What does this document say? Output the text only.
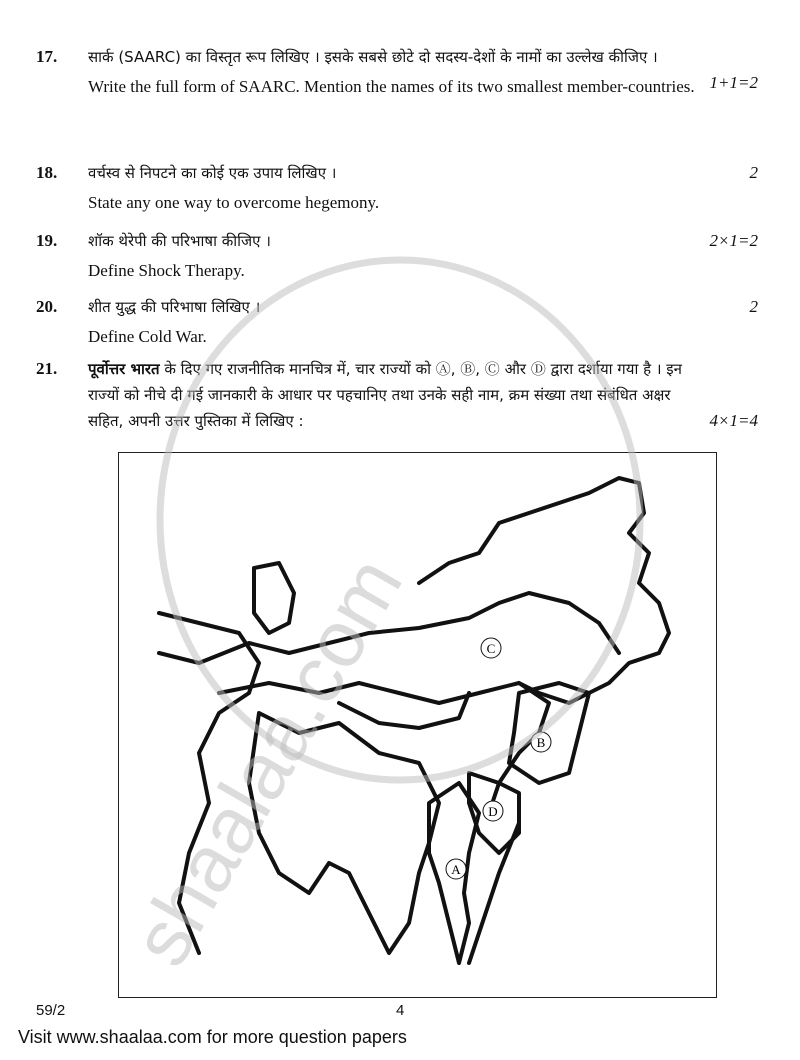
17. सार्क (SAARC) का विस्तृत रूप लिखिए । इसके सबसे छोटे दो सदस्य-देशों के नामों का उल्लेख कीजिए ।
1+1=2
Write the full form of SAARC. Mention the names of its two smallest member-countries.
18. वर्चस्व से निपटने का कोई एक उपाय लिखिए ।	2
State any one way to overcome hegemony.
19. शॉक थेरेपी की परिभाषा कीजिए ।	2×1=2
Define Shock Therapy.
20. शीत युद्ध की परिभाषा लिखिए ।	2
Define Cold War.
21. पूर्वोत्तर भारत के दिए गए राजनीतिक मानचित्र में, चार राज्यों को Ⓐ, Ⓑ, Ⓒ और Ⓓ द्वारा दर्शाया गया है । इन राज्यों को नीचे दी गई जानकारी के आधार पर पहचानिए तथा उनके सही नाम, क्रम संख्या तथा संबंधित अक्षर सहित, अपनी उत्तर पुस्तिका में लिखिए :	4×1=4
C
B
D
A
shaalaa.com
59/2	4
Visit www.shaalaa.com for more question papers
